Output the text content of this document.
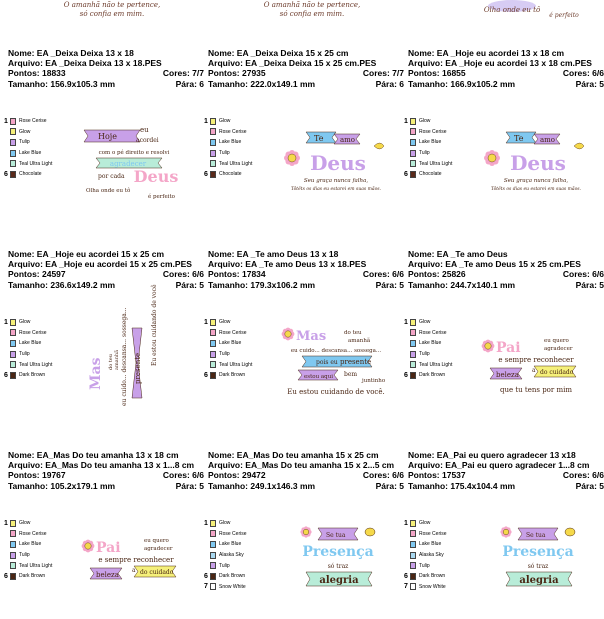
O amanhã não te pertence,
só confia em mim.
O amanhã não te pertence,
só confia em mim.	Olha onde eu tô
é perfeito
Nome: EA _Deixa Deixa 13 x 18
Arquivo: EA _Deixa Deixa 13 x 18.PES
Pontos: 18833	Cores: 7/7
Tamanho: 156.9x105.3 mm	Pára: 6
Nome: EA _Deixa Deixa 15 x 25 cm
Arquivo: EA _Deixa Deixa 15 x 25 cm.PES
Pontos: 27935	Cores: 7/7
Tamanho: 222.0x149.1 mm	Pára: 6
Nome: EA _Hoje eu acordei 13 x 18 cm
Arquivo: EA _Hoje eu acordei 13 x 18 cm.PES
Pontos: 16855	Cores: 6/6
Tamanho: 166.9x105.2 mm	Pára: 5
Nome: EA _Hoje eu acordei 15 x 25 cm
Arquivo: EA _Hoje eu acordei 15 x 25 cm.PES
Pontos: 24597	Cores: 6/6
Tamanho: 236.6x149.2 mm	Pára: 5
Nome: EA _Te amo Deus 13 x 18
Arquivo: EA _Te amo Deus 13 x 18.PES
Pontos: 17834	Cores: 6/6
Tamanho: 179.3x106.2 mm	Pára: 5
Nome: EA _Te amo Deus
Arquivo: EA _Te amo Deus 15 x 25 cm.PES
Pontos: 25826	Cores: 6/6
Tamanho: 244.7x140.1 mm	Pára: 5
Nome: EA_Mas Do teu amanha 13 x 18 cm
Arquivo: EA_Mas Do teu amanha 13 x 1...8 cm
Pontos: 19767	Cores: 6/6
Tamanho: 105.2x179.1 mm	Pára: 5
Nome: EA_Mas Do teu amanha 15 x 25 cm
Arquivo: EA_Mas Do teu amanha 15 x 2...5 cm
Pontos: 29472	Cores: 6/6
Tamanho: 249.1x146.3 mm	Pára: 5
Nome: EA_Pai eu quero agradecer 13 x18
Arquivo: EA_Pai eu quero agradecer 1...8 cm
Pontos: 17537	Cores: 6/6
Tamanho: 175.4x104.4 mm	Pára: 5
1	Rose Cerise
Glow
Tulip
Lake Blue
Teal Ultra Light
6	Chocolate
1	Glow
Rose Cerise
Lake Blue
Tulip
Teal Ultra Light
6	Chocolate
1	Glow
Rose Cerise
Lake Blue
Tulip
Teal Ultra Light
6	Chocolate
1	Glow
Rose Cerise
Lake Blue
Tulip
Teal Ultra Light
6	Dark Brown
1	Glow
Rose Cerise
Lake Blue
Tulip
Teal Ultra Light
6	Dark Brown
1	Glow
Rose Cerise
Lake Blue
Tulip
Teal Ultra Light
6	Dark Brown
1	Glow
Rose Cerise
Lake Blue
Tulip
Teal Ultra Light
6	Dark Brown
1	Glow
Rose Cerise
Lake Blue
Alaska Sky
Tulip
6	Dark Brown
7	Snow White
1	Glow
Rose Cerise
Lake Blue
Alaska Sky
Tulip
6	Dark Brown
7	Snow White
Hoje
eu
acordei
com o pé direito e resolvi
agradecer
por cada Deus
Olha onde eu tô
é perfeito
Te amo
Deus
Seu graça nunca falha,
Tôtêts os dias eu estarei em suas mãos.
Te amo
Deus
Seu graça nunca falha,
Tôtêts os dias eu estarei em suas mãos.
Mas do teu amanhã eu cuido... descansa... sossega... presente
Eu estou cuidando de você	Mas	do teu
amanhã
eu cuido... descansa... sossega...
pois eu presente
estou aqui bem
juntinho
Eu estou cuidando de você.
Pai	eu quero
agradecer
e sempre reconhecer
beleza
a do cuidado
que tu tens por mim
Pai	eu quero
agradecer
e sempre reconhecer
beleza
a do cuidado
Se tua
Presença
só traz
alegria
Se tua
Presença
só traz
alegria
